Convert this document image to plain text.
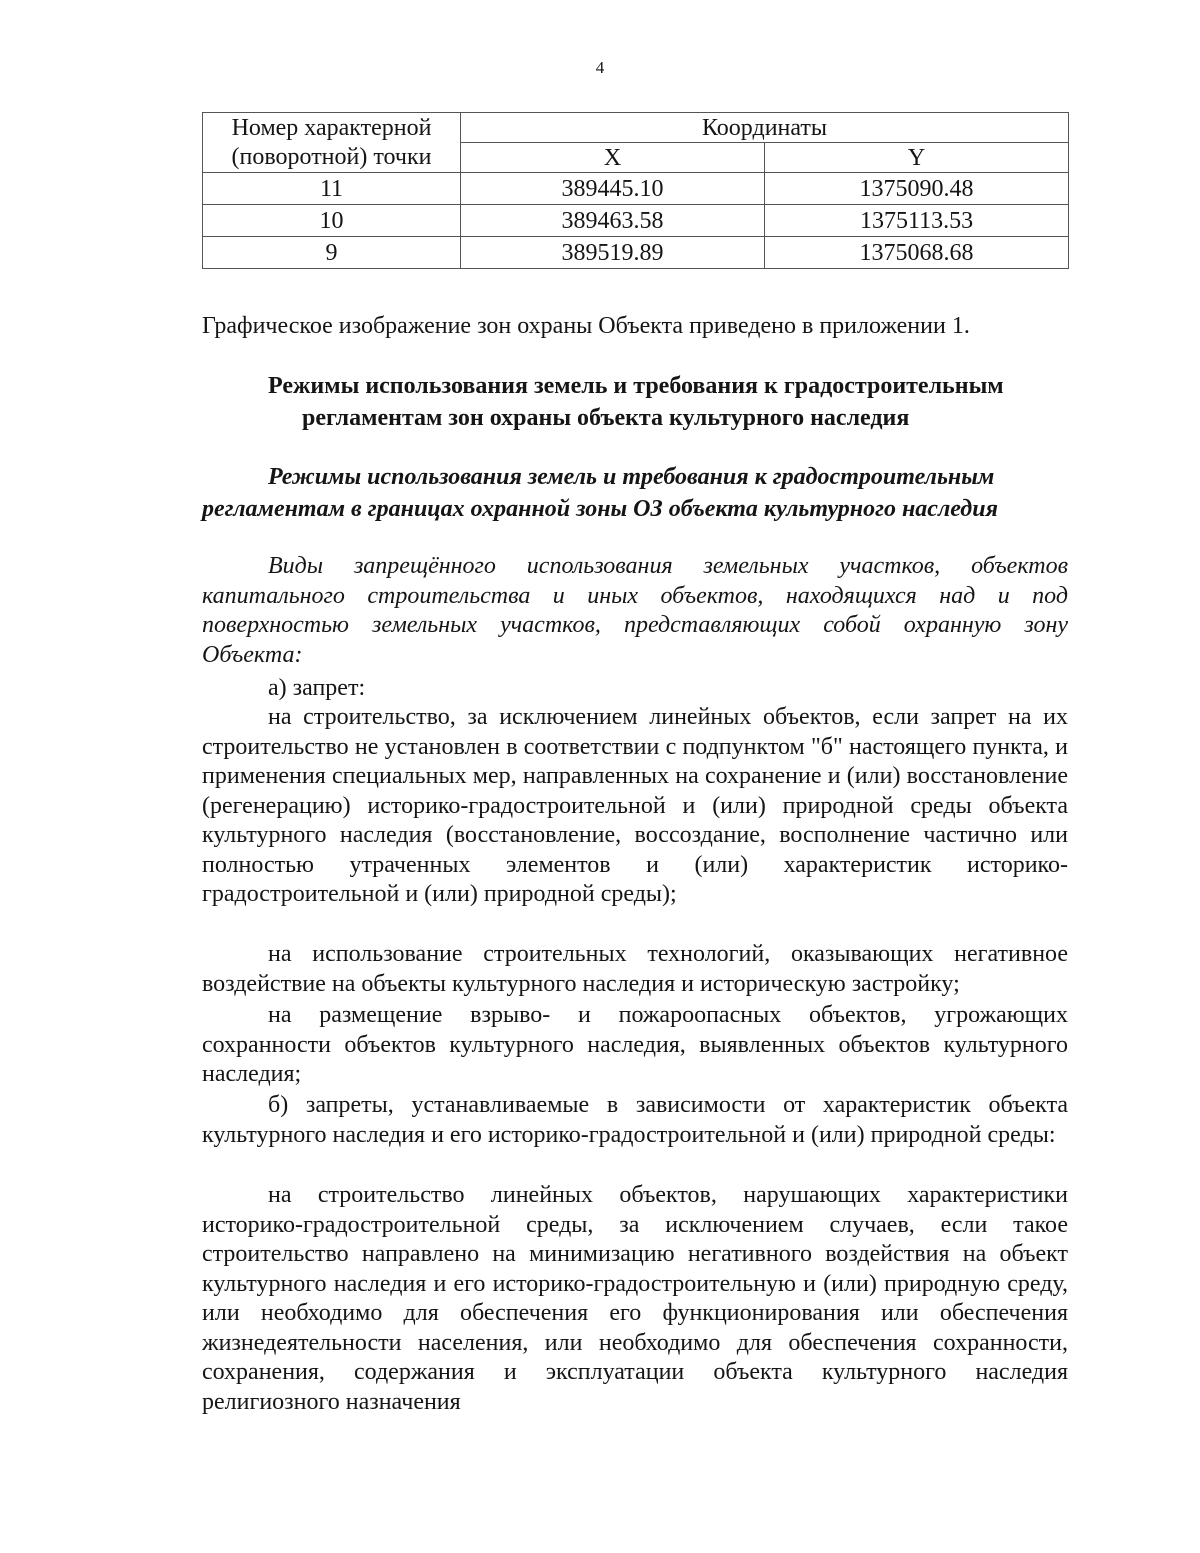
4
Номер характерной	Координаты	
(поворотной) точки	X	Y
11	389445.10	1375090.48
10	389463.58	1375113.53
9	389519.89	1375068.68
Графическое изображение зон охраны Объекта приведено в приложении 1.
Режимы использования земель и требования к градостроительным
регламентам зон охраны объекта культурного наследия
Режимы использования земель и требования к градостроительным
регламентам в границах охранной зоны ОЗ объекта культурного наследия
Виды запрещённого использования земельных участков, объектов капитального строительства и иных объектов, находящихся над и под поверхностью земельных участков, представляющих собой охранную зону Объекта:
а) запрет:
на строительство, за исключением линейных объектов, если запрет на их строительство не установлен в соответствии с подпунктом "б" настоящего пункта, и применения специальных мер, направленных на сохранение и (или) восстановление (регенерацию) историко-градостроительной и (или) природной среды объекта культурного наследия (восстановление, воссоздание, восполнение частично или полностью утраченных элементов и (или) характеристик историко-градостроительной и (или) природной среды);
на использование строительных технологий, оказывающих негативное воздействие на объекты культурного наследия и историческую застройку;
на размещение взрыво- и пожароопасных объектов, угрожающих сохранности объектов культурного наследия, выявленных объектов культурного наследия;
б) запреты, устанавливаемые в зависимости от характеристик объекта культурного наследия и его историко-градостроительной и (или) природной среды:
на строительство линейных объектов, нарушающих характеристики историко-градостроительной среды, за исключением случаев, если такое строительство направлено на минимизацию негативного воздействия на объект культурного наследия и его историко-градостроительную и (или) природную среду, или необходимо для обеспечения его функционирования или обеспечения жизнедеятельности населения, или необходимо для обеспечения сохранности, сохранения, содержания и эксплуатации объекта культурного наследия религиозного назначения
